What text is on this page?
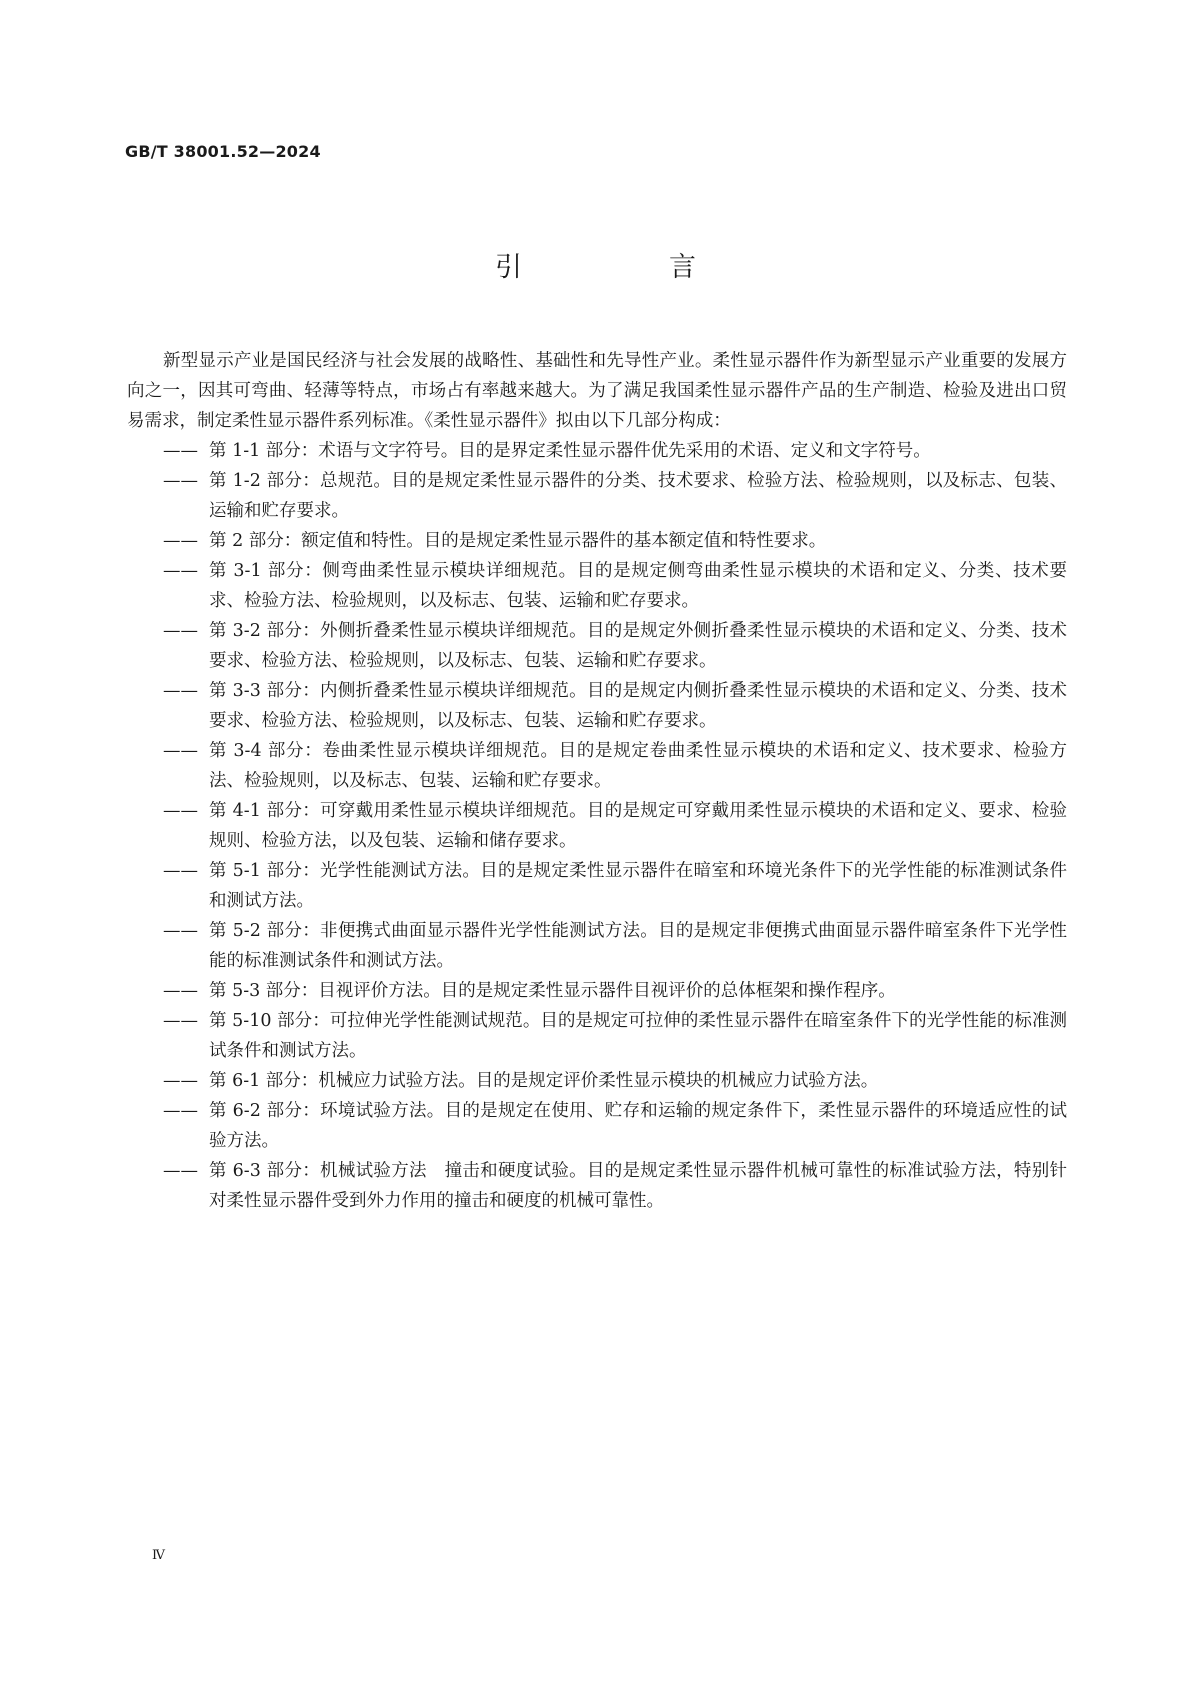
GB/T 38001.52—2024
引　言

新型显示产业是国民经济与社会发展的战略性、基础性和先导性产业。柔性显示器件作为新型显示产业重要的发展方向之一，因其可弯曲、轻薄等特点，市场占有率越来越大。为了满足我国柔性显示器件产品的生产制造、检验及进出口贸易需求，制定柔性显示器件系列标准。《柔性显示器件》拟由以下几部分构成：

—— 第 1-1 部分：术语与文字符号。目的是界定柔性显示器件优先采用的术语、定义和文字符号。
—— 第 1-2 部分：总规范。目的是规定柔性显示器件的分类、技术要求、检验方法、检验规则，以及标志、包装、运输和贮存要求。
—— 第 2 部分：额定值和特性。目的是规定柔性显示器件的基本额定值和特性要求。
—— 第 3-1 部分：侧弯曲柔性显示模块详细规范。目的是规定侧弯曲柔性显示模块的术语和定义、分类、技术要求、检验方法、检验规则，以及标志、包装、运输和贮存要求。
—— 第 3-2 部分：外侧折叠柔性显示模块详细规范。目的是规定外侧折叠柔性显示模块的术语和定义、分类、技术要求、检验方法、检验规则，以及标志、包装、运输和贮存要求。
—— 第 3-3 部分：内侧折叠柔性显示模块详细规范。目的是规定内侧折叠柔性显示模块的术语和定义、分类、技术要求、检验方法、检验规则，以及标志、包装、运输和贮存要求。
—— 第 3-4 部分：卷曲柔性显示模块详细规范。目的是规定卷曲柔性显示模块的术语和定义、技术要求、检验方法、检验规则，以及标志、包装、运输和贮存要求。
—— 第 4-1 部分：可穿戴用柔性显示模块详细规范。目的是规定可穿戴用柔性显示模块的术语和定义、要求、检验规则、检验方法，以及包装、运输和储存要求。
—— 第 5-1 部分：光学性能测试方法。目的是规定柔性显示器件在暗室和环境光条件下的光学性能的标准测试条件和测试方法。
—— 第 5-2 部分：非便携式曲面显示器件光学性能测试方法。目的是规定非便携式曲面显示器件暗室条件下光学性能的标准测试条件和测试方法。
—— 第 5-3 部分：目视评价方法。目的是规定柔性显示器件目视评价的总体框架和操作程序。
—— 第 5-10 部分：可拉伸光学性能测试规范。目的是规定可拉伸的柔性显示器件在暗室条件下的光学性能的标准测试条件和测试方法。
—— 第 6-1 部分：机械应力试验方法。目的是规定评价柔性显示模块的机械应力试验方法。
—— 第 6-2 部分：环境试验方法。目的是规定在使用、贮存和运输的规定条件下，柔性显示器件的环境适应性的试验方法。
—— 第 6-3 部分：机械试验方法　撞击和硬度试验。目的是规定柔性显示器件机械可靠性的标准试验方法，特别针对柔性显示器件受到外力作用的撞击和硬度的机械可靠性。
Ⅳ
